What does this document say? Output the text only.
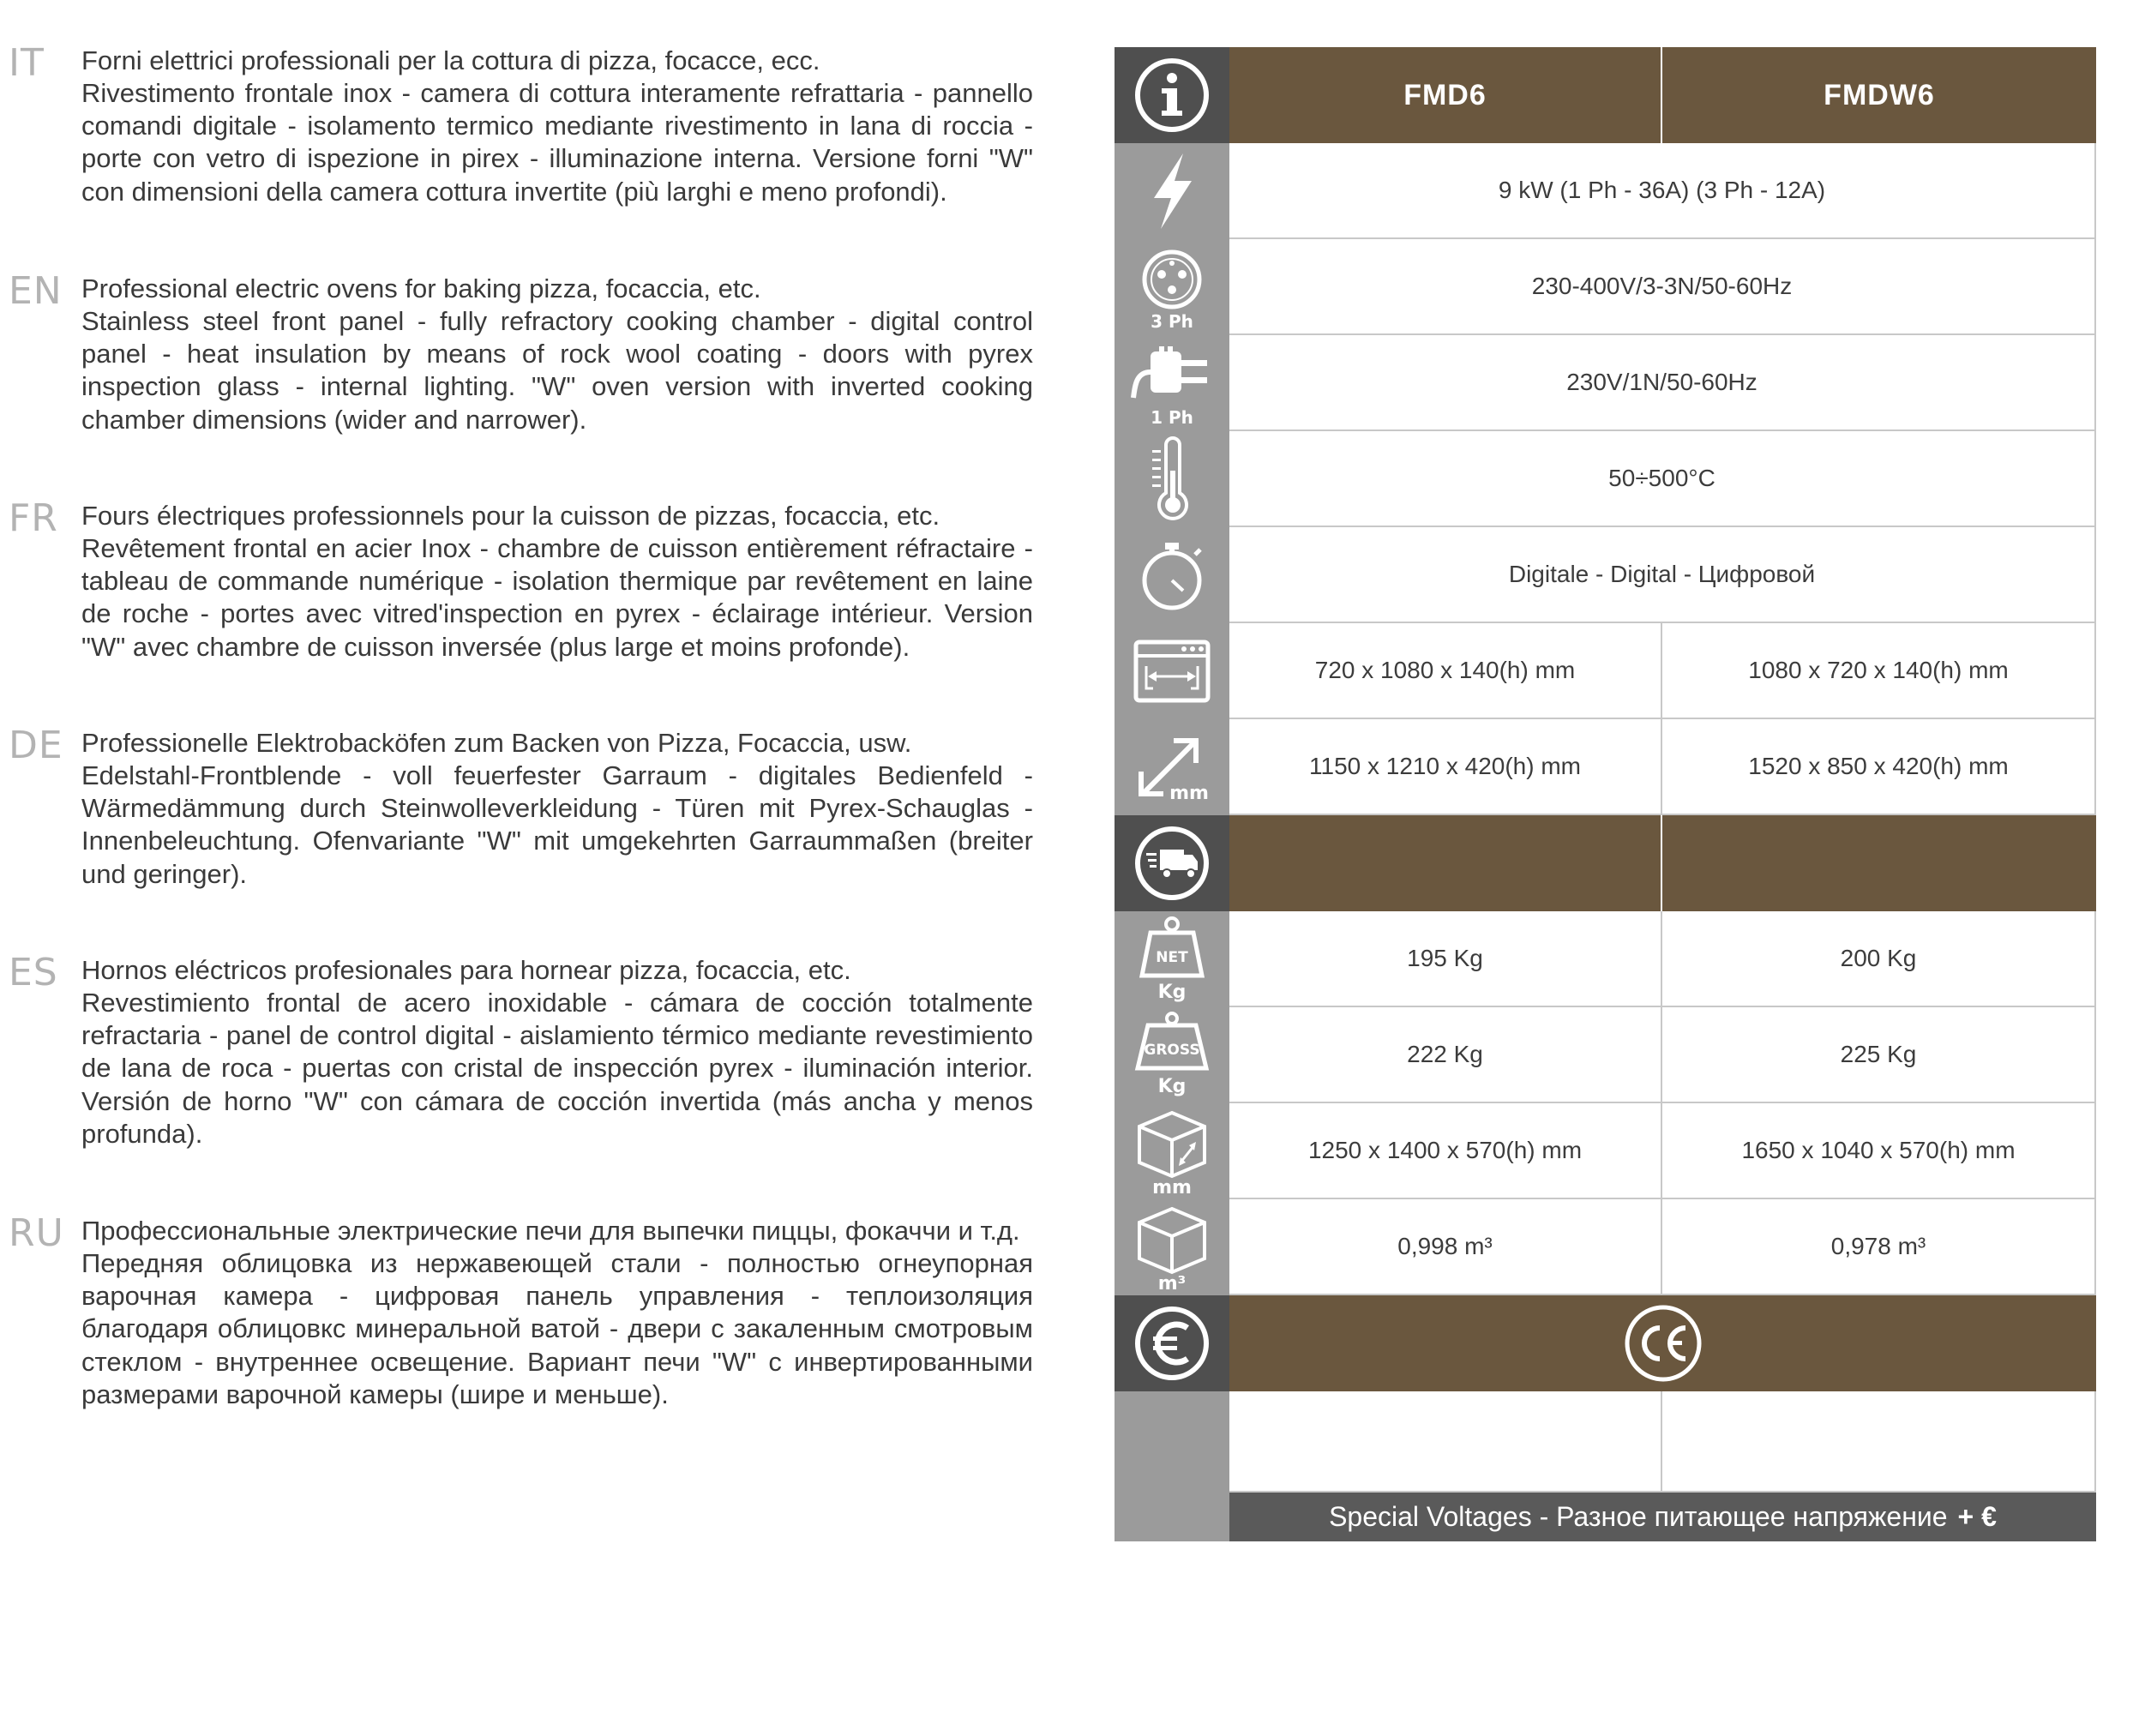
IT Forni elettrici professionali per la cottura di pizza, focacce, ecc.
Rivestimento frontale inox - camera di cottura interamente refrattaria - pannello comandi digitale - isolamento termico mediante rivestimento in lana di roccia - porte con vetro di ispezione in pirex - illuminazione interna. Versione forni "W" con dimensioni della camera cottura invertite (più larghi e meno profondi).
EN Professional electric ovens for baking pizza, focaccia, etc.
Stainless steel front panel - fully refractory cooking chamber - digital control panel - heat insulation by means of rock wool coating - doors with pyrex inspection glass - internal lighting. "W" oven version with inverted cooking chamber dimensions (wider and narrower).
FR Fours électriques professionnels pour la cuisson de pizzas, focaccia, etc.
Revêtement frontal en acier Inox - chambre de cuisson entièrement réfractaire - tableau de commande numérique - isolation thermique par revêtement en laine de roche - portes avec vitred'inspection en pyrex - éclairage intérieur. Version "W" avec chambre de cuisson inversée (plus large et moins profonde).
DE Professionelle Elektrobacköfen zum Backen von Pizza, Focaccia, usw.
Edelstahl-Frontblende - voll feuerfester Garraum - digitales Bedienfeld - Wärmedämmung durch Steinwolleverkleidung - Türen mit Pyrex-Schauglas - Innenbeleuchtung. Ofenvariante "W" mit umgekehrten Garraummaßen (breiter und geringer).
ES Hornos eléctricos profesionales para hornear pizza, focaccia, etc.
Revestimiento frontal de acero inoxidable - cámara de cocción totalmente refractaria - panel de control digital - aislamiento térmico mediante revestimiento de lana de roca - puertas con cristal de inspección pyrex - iluminación interior. Versión de horno "W" con cámara de cocción invertida (más ancha y menos profunda).
RU Профессиональные электрические печи для выпечки пиццы, фокаччи и т.д.
Передняя облицовка из нержавеющей стали - полностью огнеупорная варочная камера - цифровая панель управления - теплоизоляция благодаря облицовкс минеральной ватой - двери с закаленным смотровым стеклом - внутреннее освещение. Вариант печи "W" с инвертированными размерами варочной камеры (шире и меньше).
FMD6	FMDW6
9 kW (1 Ph - 36A) (3 Ph - 12A)
3 Ph
230-400V/3-3N/50-60Hz
1 Ph
230V/1N/50-60Hz
50÷500°C
Digitale - Digital - Цифровой
720 x 1080 x 140(h) mm	1080 x 720 x 140(h) mm
mm
1150 x 1210 x 420(h) mm	1520 x 850 x 420(h) mm
NET
Kg
195 Kg	200 Kg
GROSS
Kg
222 Kg	225 Kg
mm
1250 x 1400 x 570(h) mm	1650 x 1040 x 570(h) mm
m³
0,998 m³	0,978 m³
Special Voltages - Разное питающее напряжение + €
